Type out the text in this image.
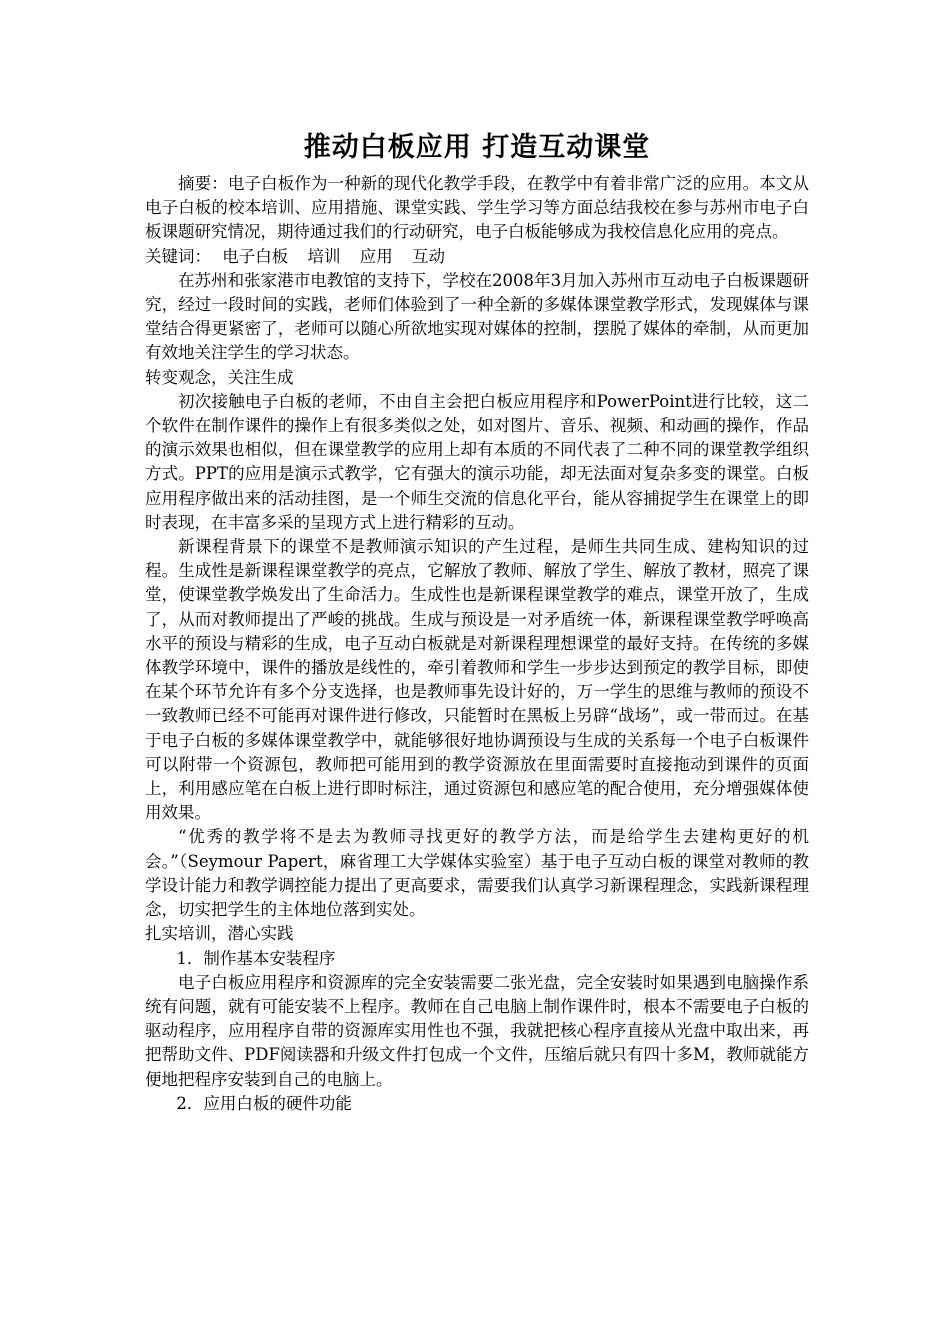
推动白板应用 打造互动课堂

摘要：电子白板作为一种新的现代化教学手段，在教学中有着非常广泛的应用。本文从电子白板的校本培训、应用措施、课堂实践、学生学习等方面总结我校在参与苏州市电子白板课题研究情况，期待通过我们的行动研究，电子白板能够成为我校信息化应用的亮点。

关键词： 电子白板 培训 应用 互动

在苏州和张家港市电教馆的支持下，学校在2008年3月加入苏州市互动电子白板课题研究，经过一段时间的实践，老师们体验到了一种全新的多媒体课堂教学形式，发现媒体与课堂结合得更紧密了，老师可以随心所欲地实现对媒体的控制，摆脱了媒体的牵制，从而更加有效地关注学生的学习状态。

转变观念，关注生成

初次接触电子白板的老师，不由自主会把白板应用程序和PowerPoint进行比较，这二个软件在制作课件的操作上有很多类似之处，如对图片、音乐、视频、和动画的操作，作品的演示效果也相似，但在课堂教学的应用上却有本质的不同代表了二种不同的课堂教学组织方式。PPT的应用是演示式教学，它有强大的演示功能，却无法面对复杂多变的课堂。白板应用程序做出来的活动挂图，是一个师生交流的信息化平台，能从容捕捉学生在课堂上的即时表现，在丰富多采的呈现方式上进行精彩的互动。

新课程背景下的课堂不是教师演示知识的产生过程，是师生共同生成、建构知识的过程。生成性是新课程课堂教学的亮点，它解放了教师、解放了学生、解放了教材，照亮了课堂，使课堂教学焕发出了生命活力。生成性也是新课程课堂教学的难点，课堂开放了，生成了，从而对教师提出了严峻的挑战。生成与预设是一对矛盾统一体，新课程课堂教学呼唤高水平的预设与精彩的生成，电子互动白板就是对新课程理想课堂的最好支持。在传统的多媒体教学环境中，课件的播放是线性的，牵引着教师和学生一步步达到预定的教学目标，即使在某个环节允许有多个分支选择，也是教师事先设计好的，万一学生的思维与教师的预设不一致教师已经不可能再对课件进行修改，只能暂时在黑板上另辟“战场”，或一带而过。在基于电子白板的多媒体课堂教学中，就能够很好地协调预设与生成的关系每一个电子白板课件可以附带一个资源包，教师把可能用到的教学资源放在里面需要时直接拖动到课件的页面上，利用感应笔在白板上进行即时标注，通过资源包和感应笔的配合使用，充分增强媒体使用效果。

“优秀的教学将不是去为教师寻找更好的教学方法，而是给学生去建构更好的机会。”（Seymour Papert，麻省理工大学媒体实验室）基于电子互动白板的课堂对教师的教学设计能力和教学调控能力提出了更高要求，需要我们认真学习新课程理念，实践新课程理念，切实把学生的主体地位落到实处。

扎实培训，潜心实践

1．制作基本安装程序

电子白板应用程序和资源库的完全安装需要二张光盘，完全安装时如果遇到电脑操作系统有问题，就有可能安装不上程序。教师在自己电脑上制作课件时，根本不需要电子白板的驱动程序，应用程序自带的资源库实用性也不强，我就把核心程序直接从光盘中取出来，再把帮助文件、PDF阅读器和升级文件打包成一个文件，压缩后就只有四十多M，教师就能方便地把程序安装到自己的电脑上。

2．应用白板的硬件功能
